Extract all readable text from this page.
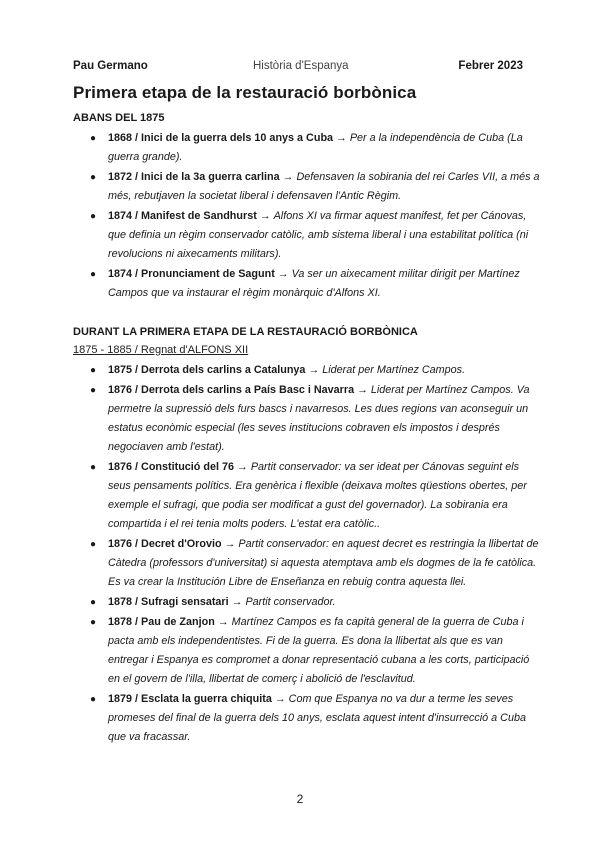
Pau Germano	Història d'Espanya	Febrer 2023
Primera etapa de la restauració borbònica
ABANS DEL 1875
● 1868 / Inici de la guerra dels 10 anys a Cuba → Per a la independència de Cuba (La guerra grande).
● 1872 / Inici de la 3a guerra carlina → Defensaven la sobirania del rei Carles VII, a més a més, rebutjaven la societat liberal i defensaven l'Antic Règim.
● 1874 / Manifest de Sandhurst → Alfons XI va firmar aquest manifest, fet per Cánovas, que definia un règim conservador catòlic, amb sistema liberal i una estabilitat política (ni revolucions ni aixecaments militars).
● 1874 / Pronunciament de Sagunt → Va ser un aixecament militar dirigit per Martínez Campos que va instaurar el règim monàrquic d'Alfons XI.
DURANT LA PRIMERA ETAPA DE LA RESTAURACIÓ BORBÒNICA
1875 - 1885 / Regnat d'ALFONS XII
● 1875 / Derrota dels carlins a Catalunya → Liderat per Martínez Campos.
● 1876 / Derrota dels carlins a País Basc i Navarra → Liderat per Martínez Campos. Va permetre la supressió dels furs bascs i navarresos. Les dues regions van aconseguir un estatus econòmic especial (les seves institucions cobraven els impostos i després negociaven amb l'estat).
● 1876 / Constitució del 76 → Partit conservador: va ser ideat per Cánovas seguint els seus pensaments polítics. Era genèrica i flexible (deixava moltes qüestions obertes, per exemple el sufragi, que podia ser modificat a gust del governador). La sobirania era compartida i el rei tenia molts poders. L'estat era catòlic..
● 1876 / Decret d'Orovio → Partit conservador: en aquest decret es restringia la llibertat de Càtedra (professors d'universitat) si aquesta atemptava amb els dogmes de la fe catòlica. Es va crear la Institución Libre de Enseñanza en rebuig contra aquesta llei.
● 1878 / Sufragi sensatari → Partit conservador.
● 1878 / Pau de Zanjon → Martínez Campos es fa capità general de la guerra de Cuba i pacta amb els independentistes. Fi de la guerra. Es dona la llibertat als que es van entregar i Espanya es compromet a donar representació cubana a les corts, participació en el govern de l'illa, llibertat de comerç i abolició de l'esclavitud.
● 1879 / Esclata la guerra chiquita → Com que Espanya no va dur a terme les seves promeses del final de la guerra dels 10 anys, esclata aquest intent d'insurrecció a Cuba que va fracassar.
2
